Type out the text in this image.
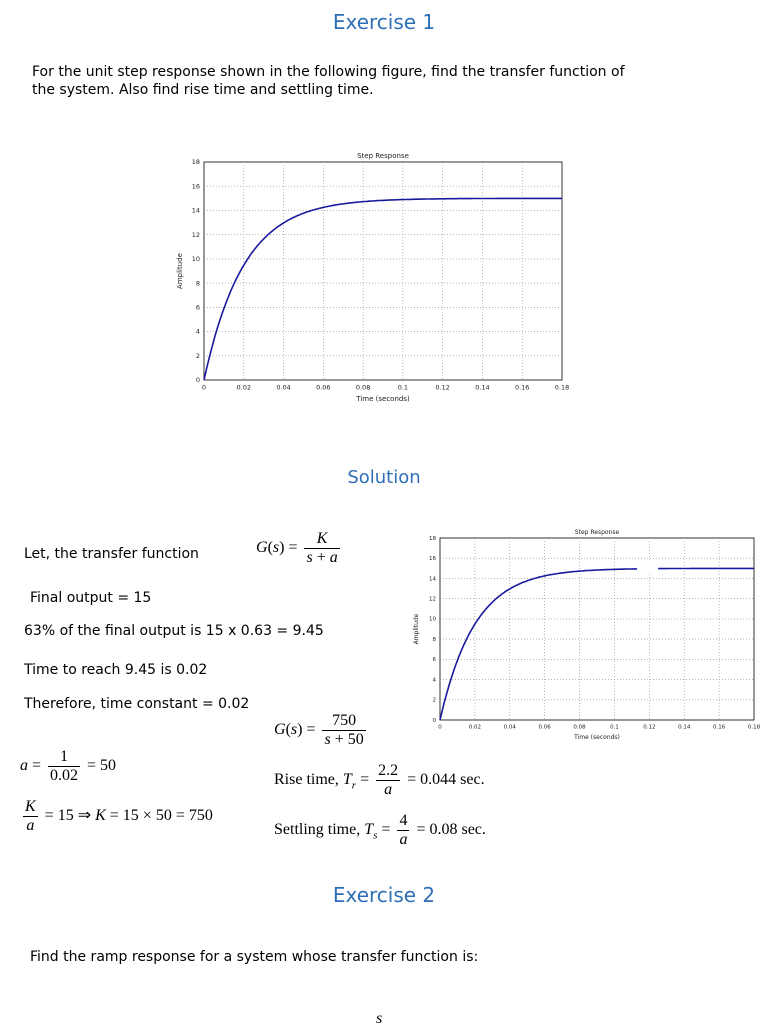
Exercise 1
For the unit step response shown in the following figure, find the transfer function of
the system. Also find rise time and settling time.
0	0.02	0.04	0.06	0.08	0.1	0.12	0.14	0.16	0.18
0
2
4
6
8
10
12
14
16
18
Step Response
Time (seconds)
Amplitude
Solution
Let, the transfer function	$G(s) = \frac{K}{s + a}$
Final output = 15
63% of the final output is 15 x 0.63 = 9.45
Time to reach 9.45 is 0.02
Therefore, time constant = 0.02
0	0.02	0.04	0.06	0.08	0.1	0.12	0.14	0.16	0.18
0
2
4
6
8
10
12
14
16
18
Step Response
Time (seconds)
Amplitude
$G(s) = \frac{750}{s + 50}$
$a = \frac{1}{0.02} = 50$
$\frac{K}{a} = 15$ ⇒ K = 15 × 50 = 750
Rise time, $T_r = \frac{2.2}{a} = 0.044$ sec.
Settling time, $T_s = \frac{4}{a} = 0.08$ sec.
Exercise 2
Find the ramp response for a system whose transfer function is:
s
